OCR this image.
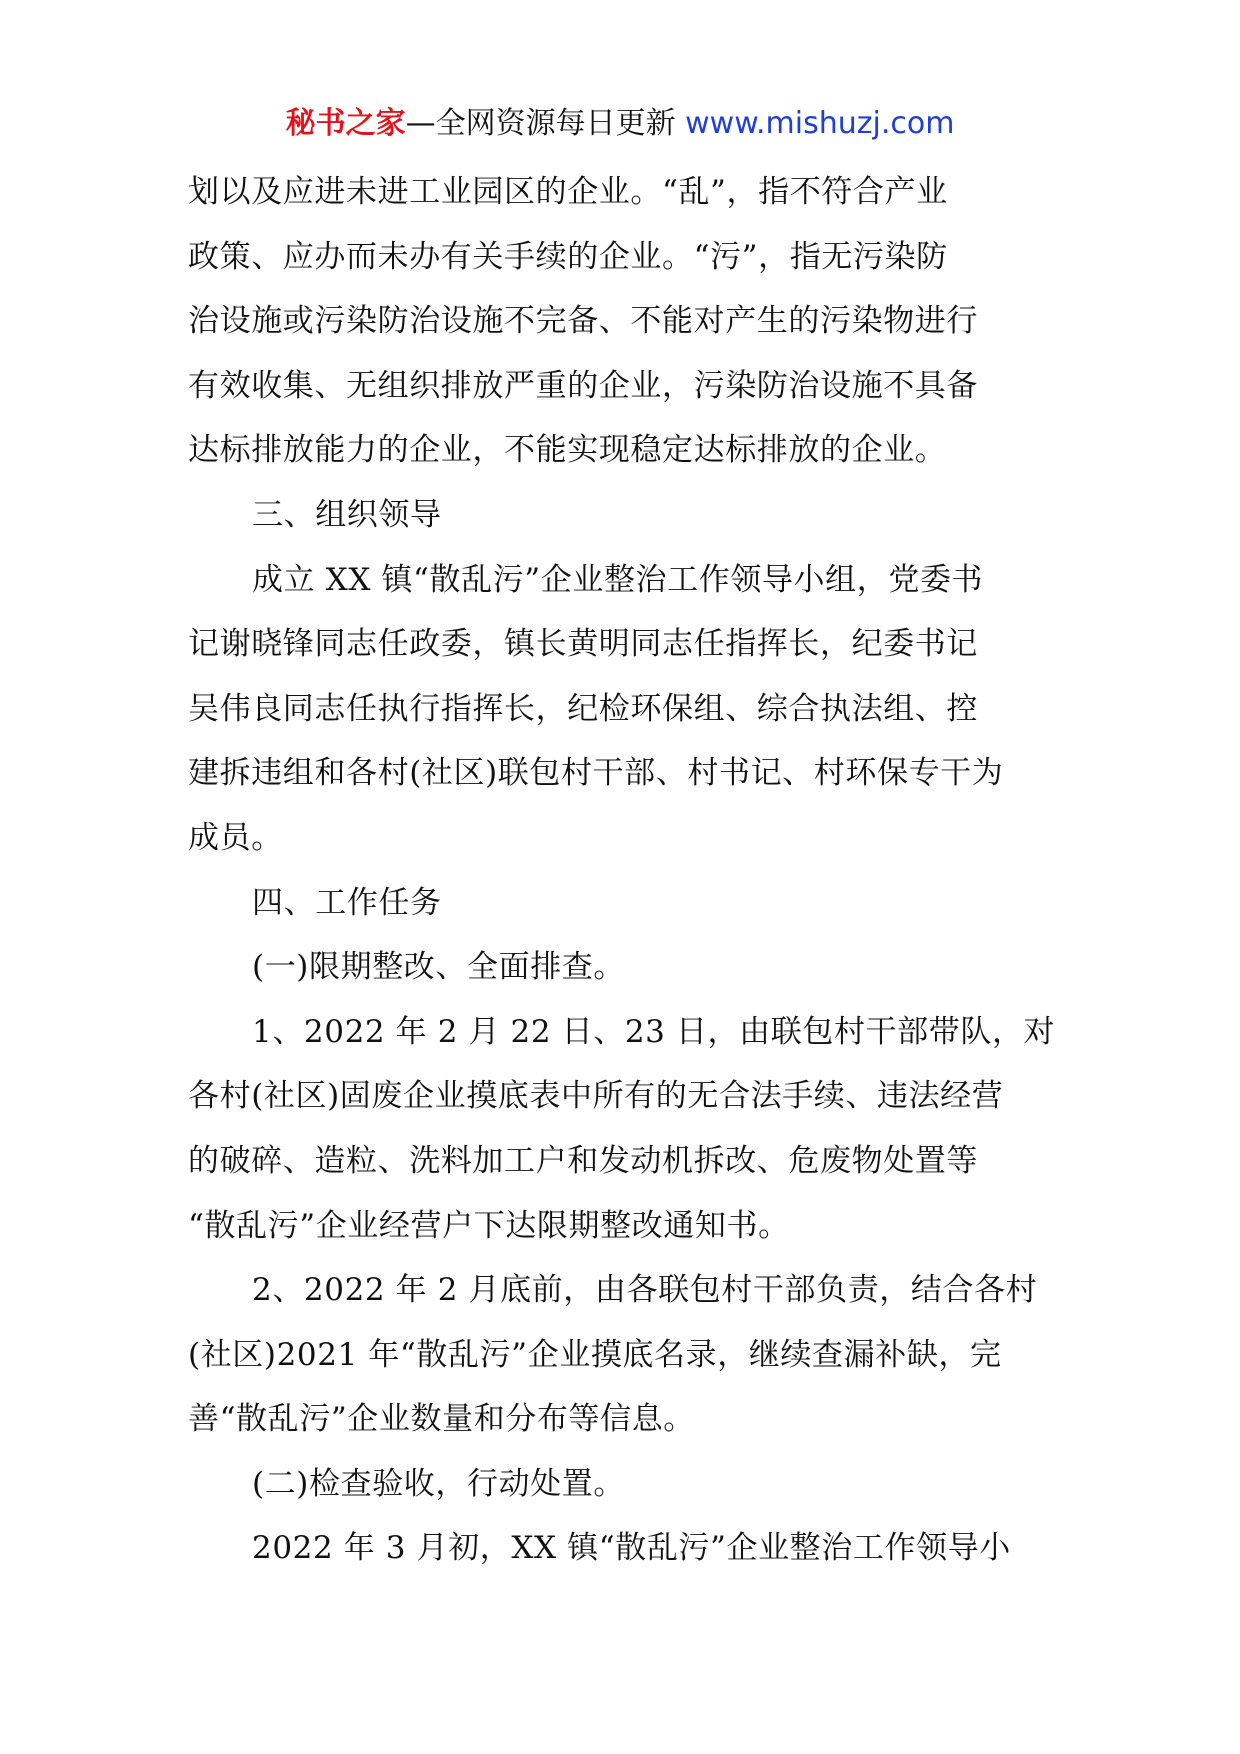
秘书之家—全网资源每日更新 www.mishuzj.com

划以及应进未进工业园区的企业。“乱”，指不符合产业

政策、应办而未办有关手续的企业。“污”，指无污染防

治设施或污染防治设施不完备、不能对产生的污染物进行

有效收集、无组织排放严重的企业，污染防治设施不具备

达标排放能力的企业，不能实现稳定达标排放的企业。

三、组织领导

成立 XX 镇“散乱污”企业整治工作领导小组，党委书

记谢晓锋同志任政委，镇长黄明同志任指挥长，纪委书记

吴伟良同志任执行指挥长，纪检环保组、综合执法组、控

建拆违组和各村(社区)联包村干部、村书记、村环保专干为

成员。

四、工作任务

(一)限期整改、全面排查。

1、2022 年 2 月 22 日、23 日，由联包村干部带队，对

各村(社区)固废企业摸底表中所有的无合法手续、违法经营

的破碎、造粒、洗料加工户和发动机拆改、危废物处置等

“散乱污”企业经营户下达限期整改通知书。

2、2022 年 2 月底前，由各联包村干部负责，结合各村

(社区)2021 年“散乱污”企业摸底名录，继续查漏补缺，完

善“散乱污”企业数量和分布等信息。

(二)检查验收，行动处置。

2022 年 3 月初，XX 镇“散乱污”企业整治工作领导小
